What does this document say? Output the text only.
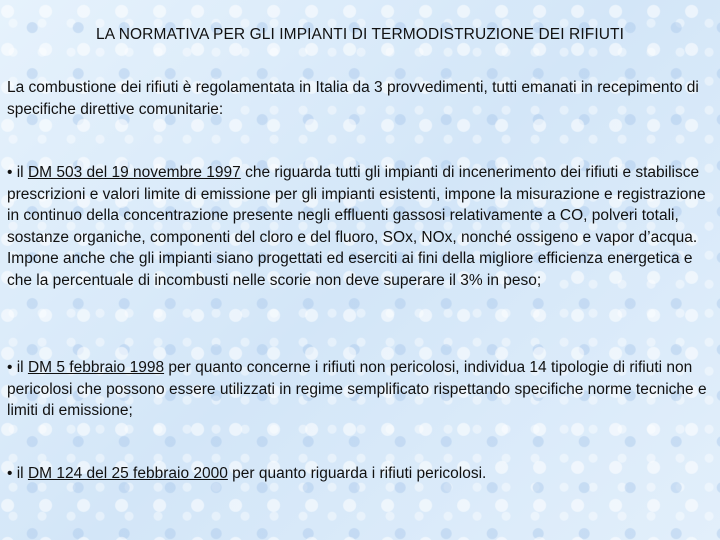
LA NORMATIVA PER GLI IMPIANTI DI TERMODISTRUZIONE DEI RIFIUTI
La combustione dei rifiuti è regolamentata in Italia da 3 provvedimenti, tutti emanati in recepimento di specifiche direttive comunitarie:
• il DM 503 del 19 novembre 1997 che riguarda tutti gli impianti di incenerimento dei rifiuti e stabilisce prescrizioni e valori limite di emissione per gli impianti esistenti, impone la misurazione e registrazione in continuo della concentrazione presente negli effluenti gassosi relativamente a CO, polveri totali, sostanze organiche, componenti del cloro e del fluoro, SOx, NOx, nonché ossigeno e vapor d’acqua. Impone anche che gli impianti siano progettati ed eserciti ai fini della migliore efficienza energetica e che la percentuale di incombusti nelle scorie non deve superare il 3% in peso;
• il DM 5 febbraio 1998 per quanto concerne i rifiuti non pericolosi, individua 14 tipologie di rifiuti non pericolosi che possono essere utilizzati in regime semplificato rispettando specifiche norme tecniche e limiti di emissione;
• il DM 124 del 25 febbraio 2000 per quanto riguarda i rifiuti pericolosi.
